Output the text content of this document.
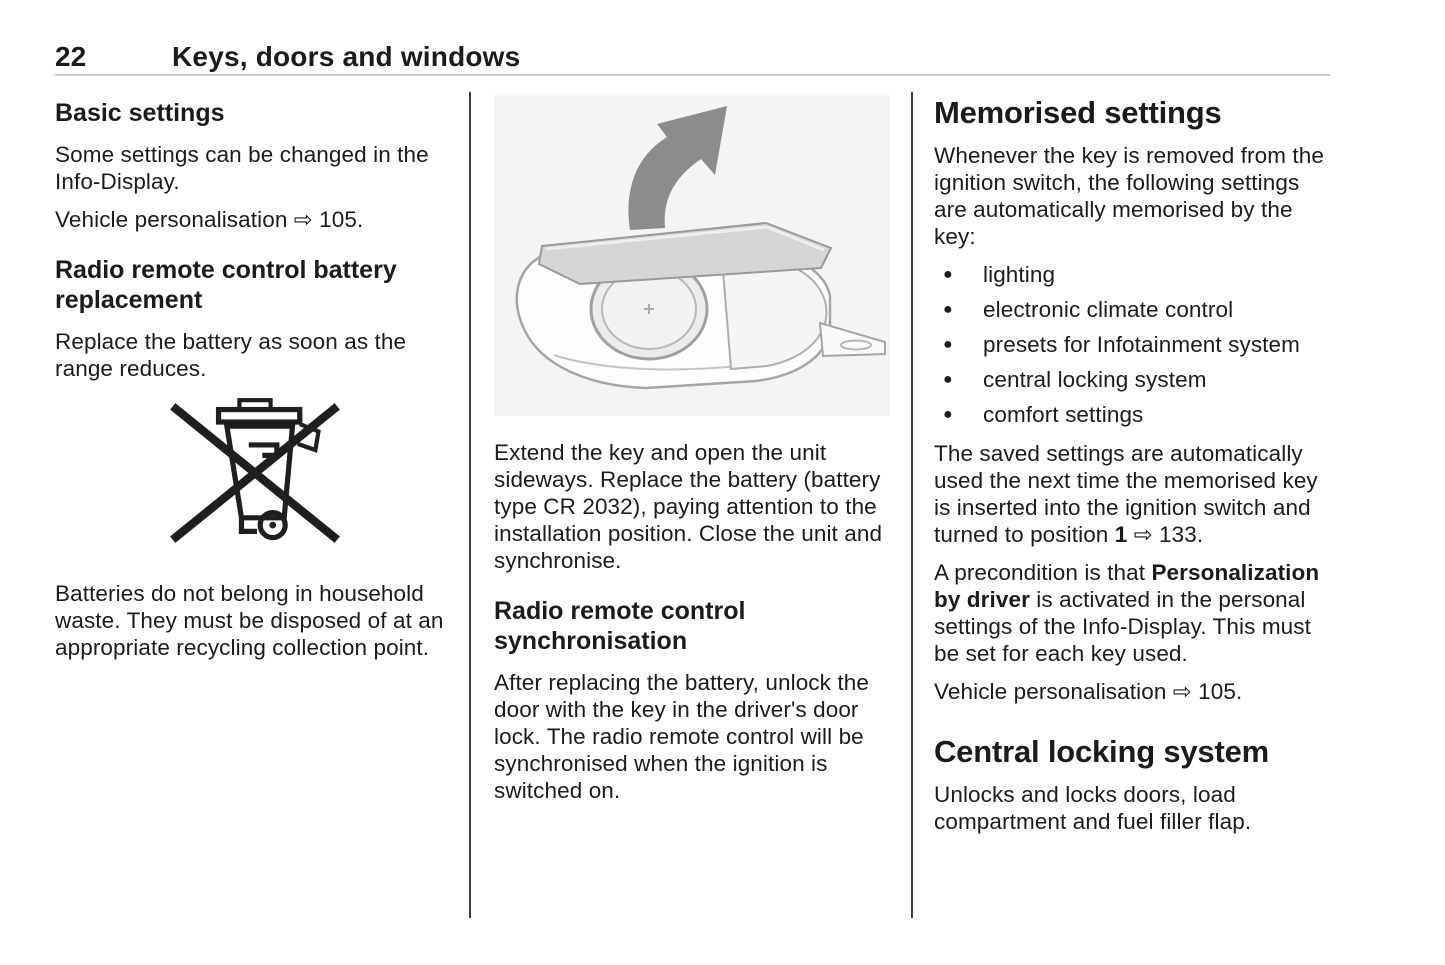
22	Keys, doors and windows
Basic settings

Some settings can be changed in the Info-Display.

Vehicle personalisation ⇨ 105.

Radio remote control battery replacement

Replace the battery as soon as the range reduces.

Batteries do not belong in household waste. They must be disposed of at an appropriate recycling collection point.

Extend the key and open the unit sideways. Replace the battery (battery type CR 2032), paying attention to the installation position. Close the unit and synchronise.

Radio remote control synchronisation

After replacing the battery, unlock the door with the key in the driver's door lock. The radio remote control will be synchronised when the ignition is switched on.

Memorised settings

Whenever the key is removed from the ignition switch, the following settings are automatically memorised by the key:

● lighting
● electronic climate control
● presets for Infotainment system
● central locking system
● comfort settings

The saved settings are automatically used the next time the memorised key is inserted into the ignition switch and turned to position 1 ⇨ 133.

A precondition is that Personalization by driver is activated in the personal settings of the Info-Display. This must be set for each key used.

Vehicle personalisation ⇨ 105.

Central locking system

Unlocks and locks doors, load compartment and fuel filler flap.
